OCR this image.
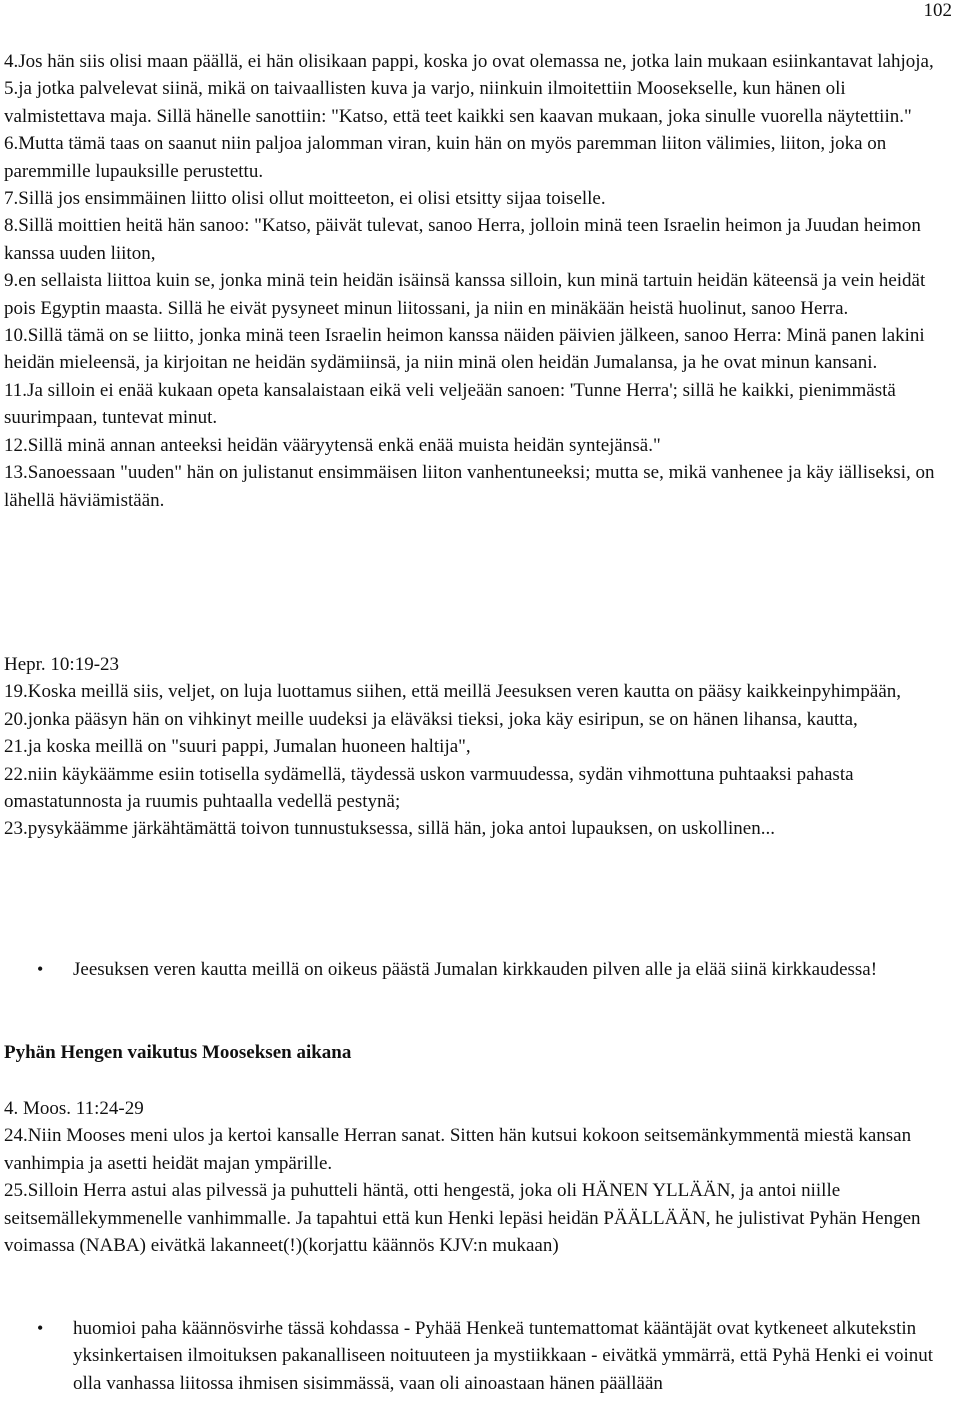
102

4.Jos hän siis olisi maan päällä, ei hän olisikaan pappi, koska jo ovat olemassa ne, jotka lain mukaan esiinkantavat lahjoja,

5.ja jotka palvelevat siinä, mikä on taivaallisten kuva ja varjo, niinkuin ilmoitettiin Moosekselle, kun hänen oli valmistettava maja. Sillä hänelle sanottiin: "Katso, että teet kaikki sen kaavan mukaan, joka sinulle vuorella näytettiin."

6.Mutta tämä taas on saanut niin paljoa jalomman viran, kuin hän on myös paremman liiton välimies, liiton, joka on paremmille lupauksille perustettu.

7.Sillä jos ensimmäinen liitto olisi ollut moitteeton, ei olisi etsitty sijaa toiselle.

8.Sillä moittien heitä hän sanoo: "Katso, päivät tulevat, sanoo Herra, jolloin minä teen Israelin heimon ja Juudan heimon kanssa uuden liiton,

9.en sellaista liittoa kuin se, jonka minä tein heidän isäinsä kanssa silloin, kun minä tartuin heidän käteensä ja vein heidät pois Egyptin maasta. Sillä he eivät pysyneet minun liitossani, ja niin en minäkään heistä huolinut, sanoo Herra.

10.Sillä tämä on se liitto, jonka minä teen Israelin heimon kanssa näiden päivien jälkeen, sanoo Herra: Minä panen lakini heidän mieleensä, ja kirjoitan ne heidän sydämiinsä, ja niin minä olen heidän Jumalansa, ja he ovat minun kansani.

11.Ja silloin ei enää kukaan opeta kansalaistaan eikä veli veljeään sanoen: 'Tunne Herra'; sillä he kaikki, pienimmästä suurimpaan, tuntevat minut.

12.Sillä minä annan anteeksi heidän vääryytensä enkä enää muista heidän syntejänsä."

13.Sanoessaan "uuden" hän on julistanut ensimmäisen liiton vanhentuneeksi; mutta se, mikä vanhenee ja käy iälliseksi, on lähellä häviämistään.

Hepr. 10:19-23

19.Koska meillä siis, veljet, on luja luottamus siihen, että meillä Jeesuksen veren kautta on pääsy kaikkeinpyhimpään,

20.jonka pääsyn hän on vihkinyt meille uudeksi ja eläväksi tieksi, joka käy esiripun, se on hänen lihansa, kautta,

21.ja koska meillä on "suuri pappi, Jumalan huoneen haltija",

22.niin käykäämme esiin totisella sydämellä, täydessä uskon varmuudessa, sydän vihmottuna puhtaaksi pahasta omastatunnosta ja ruumis puhtaalla vedellä pestynä;

23.pysykäämme järkähtämättä toivon tunnustuksessa, sillä hän, joka antoi lupauksen, on uskollinen...

• Jeesuksen veren kautta meillä on oikeus päästä Jumalan kirkkauden pilven alle ja elää siinä kirkkaudessa!

Pyhän Hengen vaikutus Mooseksen aikana

4. Moos. 11:24-29

24.Niin Mooses meni ulos ja kertoi kansalle Herran sanat. Sitten hän kutsui kokoon seitsemänkymmentä miestä kansan vanhimpia ja asetti heidät majan ympärille.

25.Silloin Herra astui alas pilvessä ja puhutteli häntä, otti hengestä, joka oli HÄNEN YLLÄÄN, ja antoi niille seitsemällekymmenelle vanhimmalle. Ja tapahtui että kun Henki lepäsi heidän PÄÄLLÄÄN, he julistivat Pyhän Hengen voimassa (NABA) eivätkä lakanneet(!)(korjattu käännös KJV:n mukaan)

• huomioi paha käännösvirhe tässä kohdassa - Pyhää Henkeä tuntemattomat kääntäjät ovat kytkeneet alkutekstin yksinkertaisen ilmoituksen pakanalliseen noituuteen ja mystiikkaan - eivätkä ymmärrä, että Pyhä Henki ei voinut olla vanhassa liitossa ihmisen sisimmässä, vaan oli ainoastaan hänen päällään
